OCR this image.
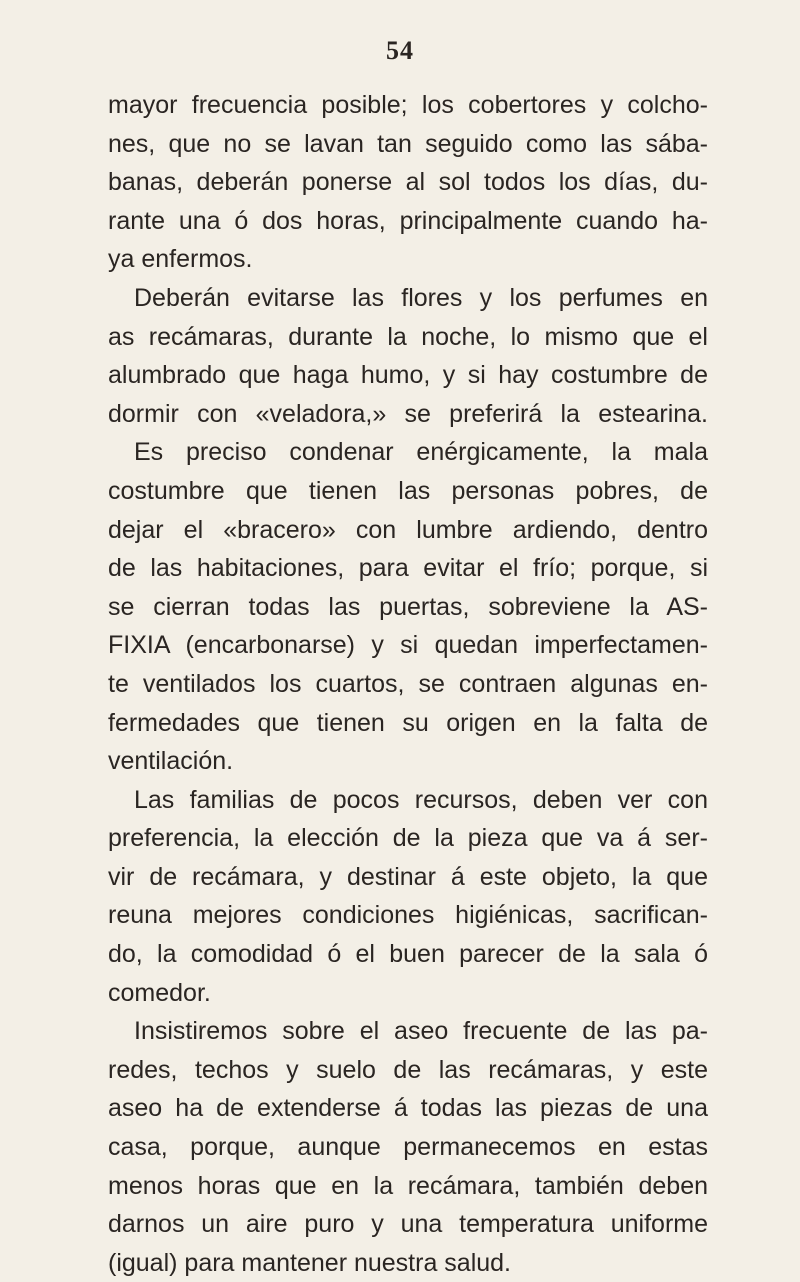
54
mayor frecuencia posible; los cobertores y colcho-
nes, que no se lavan tan seguido como las sába-
banas, deberán ponerse al sol todos los días, du-
rante una ó dos horas, principalmente cuando ha-
ya enfermos.
Deberán evitarse las flores y los perfumes en
as recámaras, durante la noche, lo mismo que el
alumbrado que haga humo, y si hay costumbre de
dormir con «veladora,» se preferirá la estearina.
Es preciso condenar enérgicamente, la mala
costumbre que tienen las personas pobres, de
dejar el «bracero» con lumbre ardiendo, dentro
de las habitaciones, para evitar el frío; porque, si
se cierran todas las puertas, sobreviene la AS-
FIXIA (encarbonarse) y si quedan imperfectamen-
te ventilados los cuartos, se contraen algunas en-
fermedades que tienen su origen en la falta de
ventilación.
Las familias de pocos recursos, deben ver con
preferencia, la elección de la pieza que va á ser-
vir de recámara, y destinar á este objeto, la que
reuna mejores condiciones higiénicas, sacrifican-
do, la comodidad ó el buen parecer de la sala ó
comedor.
Insistiremos sobre el aseo frecuente de las pa-
redes, techos y suelo de las recámaras, y este
aseo ha de extenderse á todas las piezas de una
casa, porque, aunque permanecemos en estas
menos horas que en la recámara, también deben
darnos un aire puro y una temperatura uniforme
(igual) para mantener nuestra salud.
